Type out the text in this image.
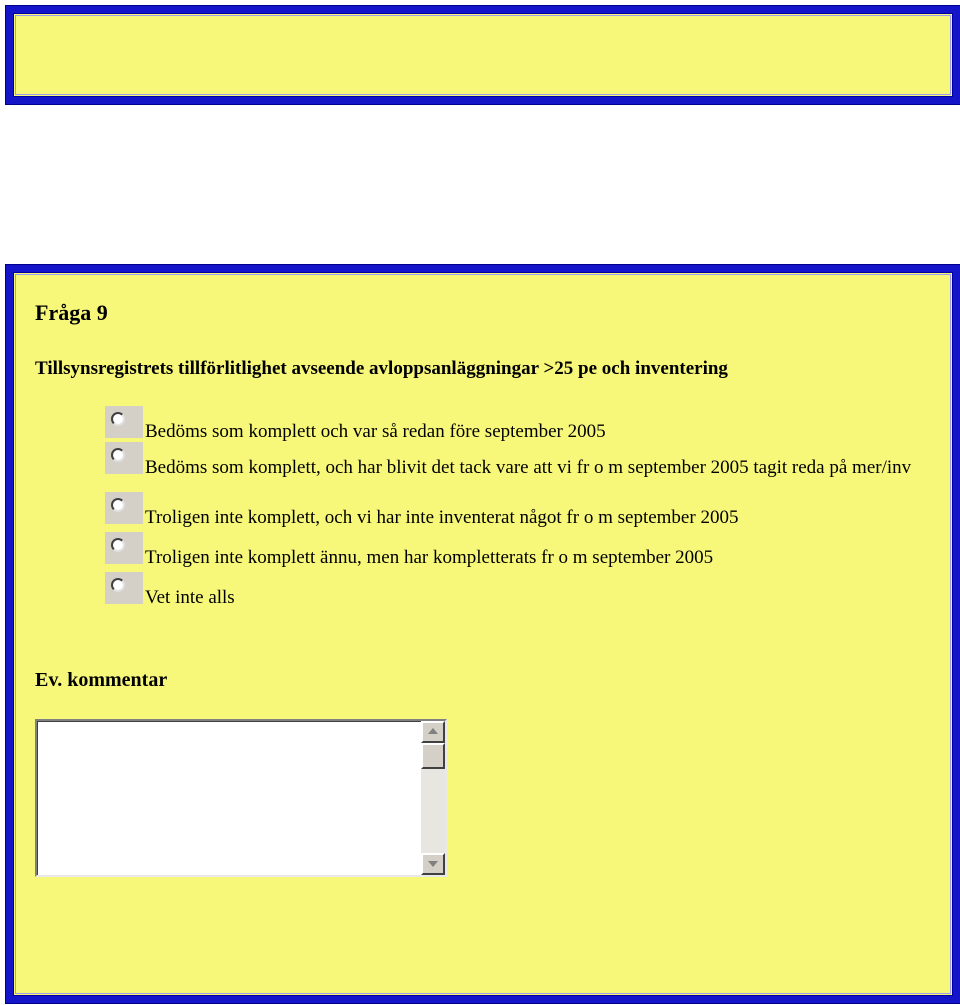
Fråga 9
Tillsynsregistrets tillförlitlighet avseende avloppsanläggningar >25 pe och inventering
Bedöms som komplett och var så redan före september 2005
Bedöms som komplett, och har blivit det tack vare att vi fr o m september 2005 tagit reda på mer/inv
Troligen inte komplett, och vi har inte inventerat något fr o m september 2005
Troligen inte komplett ännu, men har kompletterats fr o m september 2005
Vet inte alls

Ev. kommentar
